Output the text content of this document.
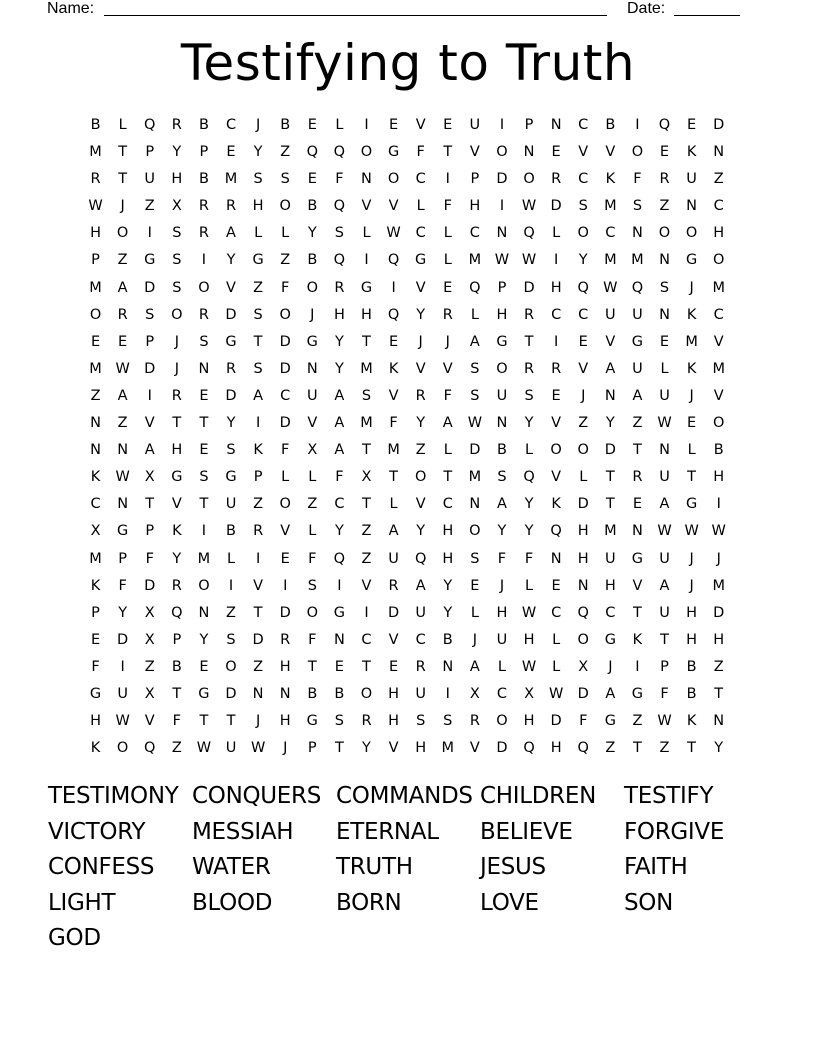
Name:	Date:
Testifying to Truth
B	L	Q	R	B	C	J	B	E	L	I	E	V	E	U	I	P	N	C	B	I	Q	E	D
M	T	P	Y	P	E	Y	Z	Q	Q	O	G	F	T	V	O	N	E	V	V	O	E	K	N
R	T	U	H	B	M	S	S	E	F	N	O	C	I	P	D	O	R	C	K	F	R	U	Z
W	J	Z	X	R	R	H	O	B	Q	V	V	L	F	H	I	W D	S	M	S	Z	N	C
H	O	I	S	R	A	L	L	Y	S	L	W	C	L	C	N	Q	L	O	C	N	O	O	H
P	Z	G	S	I	Y	G	Z	B	Q	I	Q	G	L	M W W	I	Y	M	M	N	G	O
M	A	D	S	O	V	Z	F	O	R	G	I	V	E	Q	P	D	H	Q W Q	S	J	M
O	R	S	O	R	D	S	O	J	H	H	Q	Y	R	L	H	R	C	C	U	U	N	K	C
E	E	P	J	S	G	T	D	G	Y	T	E	J	J	A	G	T	I	E	V	G	E	M	V
M W D	J	N	R	S	D	N	Y	M	K	V	V	S	O	R	R	V	A	U	L	K	M
Z	A	I	R	E	D	A	C	U	A	S	V	R	F	S	U	S	E	J	N	A	U	J	V
N	Z	V	T	T	Y	I	D	V	A	M	F	Y	A	W N	Y	V	Z	Y	Z	W	E	O
N	N	A	H	E	S	K	F	X	A	T	M	Z	L	D	B	L	O	O	D	T	N	L	B
K	W	X	G	S	G	P	L	L	F	X	T	O	T	M	S	Q	V	L	T	R	U	T	H
C	N	T	V	T	U	Z	O	Z	C	T	L	V	C	N	A	Y	K	D	T	E	A	G	I
X	G	P	K	I	B	R	V	L	Y	Z	A	Y	H	O	Y	Y	Q	H	M	N	W W W
M	P	F	Y	M	L	I	E	F	Q	Z	U	Q	H	S	F	F	N	H	U	G	U	J	J
K	F	D	R	O	I	V	I	S	I	V	R	A	Y	E	J	L	E	N	H	V	A	J	M
P	Y	X	Q	N	Z	T	D	O	G	I	D	U	Y	L	H W	C	Q	C	T	U	H	D
E	D	X	P	Y	S	D	R	F	N	C	V	C	B	J	U	H	L	O	G	K	T	H	H
F	I	Z	B	E	O	Z	H	T	E	T	E	R	N	A	L	W	L	X	J	I	P	B	Z
G	U	X	T	G	D	N	N	B	B	O	H	U	I	X	C	X	W D	A	G	F	B	T
H W	V	F	T	T	J	H	G	S	R	H	S	S	R	O	H	D	F	G	Z	W	K	N
K	O	Q	Z	W	U	W	J	P	T	Y	V	H	M	V	D	Q	H	Q	Z	T	Z	T	Y
TESTIMONY CONQUERS COMMANDS CHILDREN	TESTIFY
VICTORY	MESSIAH	ETERNAL	BELIEVE	FORGIVE
CONFESS	WATER	TRUTH	JESUS	FAITH
LIGHT	BLOOD	BORN	LOVE	SON
GOD
